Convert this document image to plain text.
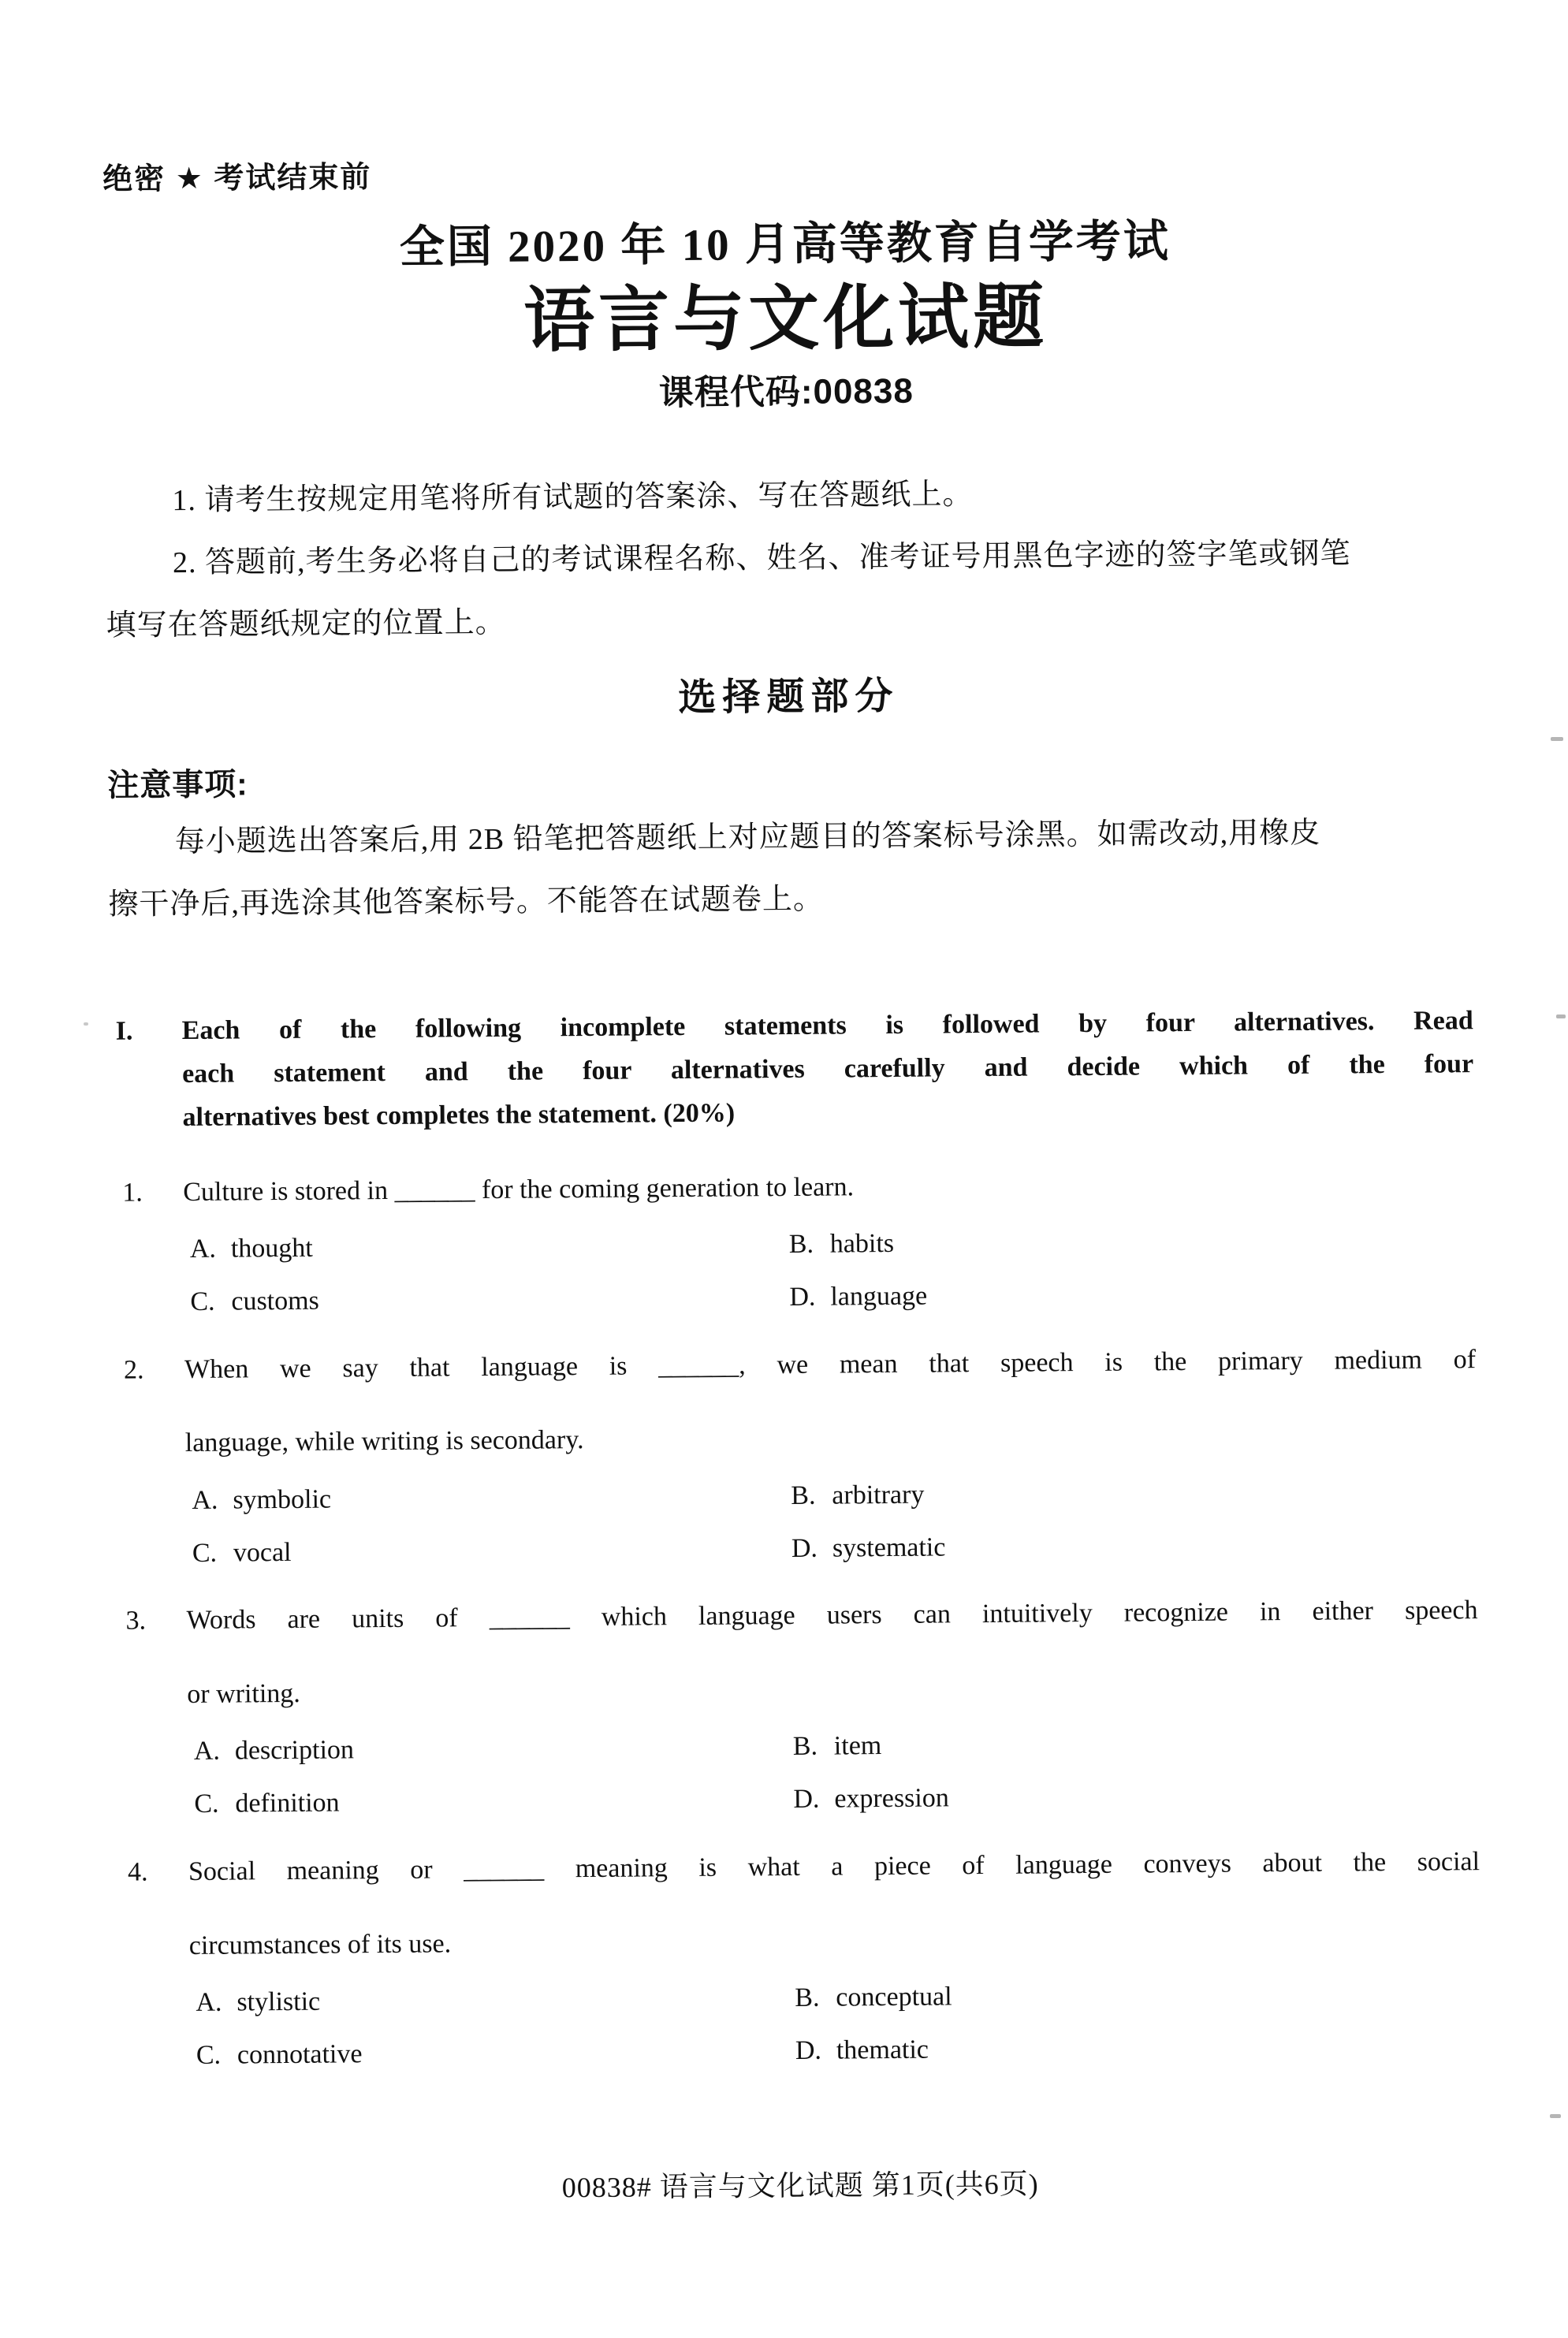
绝密 ★ 考试结束前

全国 2020 年 10 月高等教育自学考试
语言与文化试题
课程代码:00838

1. 请考生按规定用笔将所有试题的答案涂、写在答题纸上。

2. 答题前,考生务必将自己的考试课程名称、姓名、准考证号用黑色字迹的签字笔或钢笔
填写在答题纸规定的位置上。

选择题部分

注意事项:

每小题选出答案后,用 2B 铅笔把答题纸上对应题目的答案标号涂黑。如需改动,用橡皮
擦干净后,再选涂其他答案标号。不能答在试题卷上。

I.	Each of the following incomplete statements is followed by four alternatives. Read
each statement and the four alternatives carefully and decide which of the four
alternatives best completes the statement. (20%)
1.	Culture is stored in ______ for the coming generation to learn.
A. thought	B. habits
C. customs	D. language
2.	When we say that language is ______, we mean that speech is the primary medium of
language, while writing is secondary.
A. symbolic	B. arbitrary
C. vocal	D. systematic
3.	Words are units of ______ which language users can intuitively recognize in either speech
or writing.
A. description	B. item
C. definition	D. expression
4.	Social meaning or ______ meaning is what a piece of language conveys about the social
circumstances of its use.
A. stylistic	B. conceptual
C. connotative	D. thematic
00838# 语言与文化试题 第1页(共6页)
